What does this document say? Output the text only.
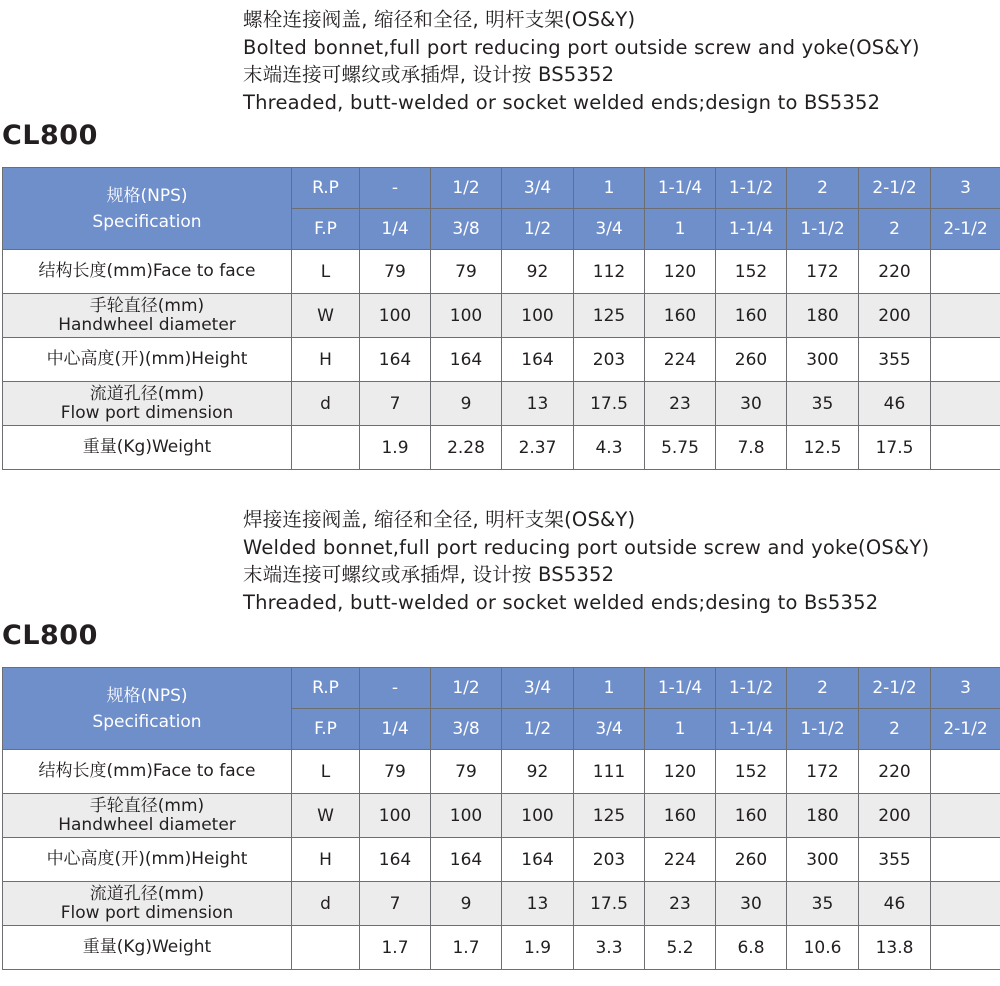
螺栓连接阀盖, 缩径和全径, 明杆支架(OS&Y)
Bolted bonnet,full port reducing port outside screw and yoke(OS&Y)
末端连接可螺纹或承插焊, 设计按 BS5352
Threaded, butt-welded or socket welded ends;design to BS5352
CL800
规格(NPS)
Specification	R.P	-	1/2	3/4	1	1-1/4	1-1/2	2	2-1/2	3
	F.P	1/4	3/8	1/2	3/4	1	1-1/4	1-1/2	2	2-1/2

结构长度(mm)Face to face	L	79	79	92	112	120	152	172	220	

手轮直径(mm)
Handwheel diameter	W	100	100	100	125	160	160	180	200	

中心高度(开)(mm)Height	H	164	164	164	203	224	260	300	355	

流道孔径(mm)
Flow port dimension	d	7	9	13	17.5	23	30	35	46	

重量(Kg)Weight		1.9	2.28	2.37	4.3	5.75	7.8	12.5	17.5	
焊接连接阀盖, 缩径和全径, 明杆支架(OS&Y)
Welded bonnet,full port reducing port outside screw and yoke(OS&Y)
末端连接可螺纹或承插焊, 设计按 BS5352
Threaded, butt-welded or socket welded ends;desing to Bs5352
CL800
规格(NPS)
Specification	R.P	-	1/2	3/4	1	1-1/4	1-1/2	2	2-1/2	3
	F.P	1/4	3/8	1/2	3/4	1	1-1/4	1-1/2	2	2-1/2

结构长度(mm)Face to face	L	79	79	92	111	120	152	172	220	

手轮直径(mm)
Handwheel diameter	W	100	100	100	125	160	160	180	200	

中心高度(开)(mm)Height	H	164	164	164	203	224	260	300	355	

流道孔径(mm)
Flow port dimension	d	7	9	13	17.5	23	30	35	46	

重量(Kg)Weight		1.7	1.7	1.9	3.3	5.2	6.8	10.6	13.8	
